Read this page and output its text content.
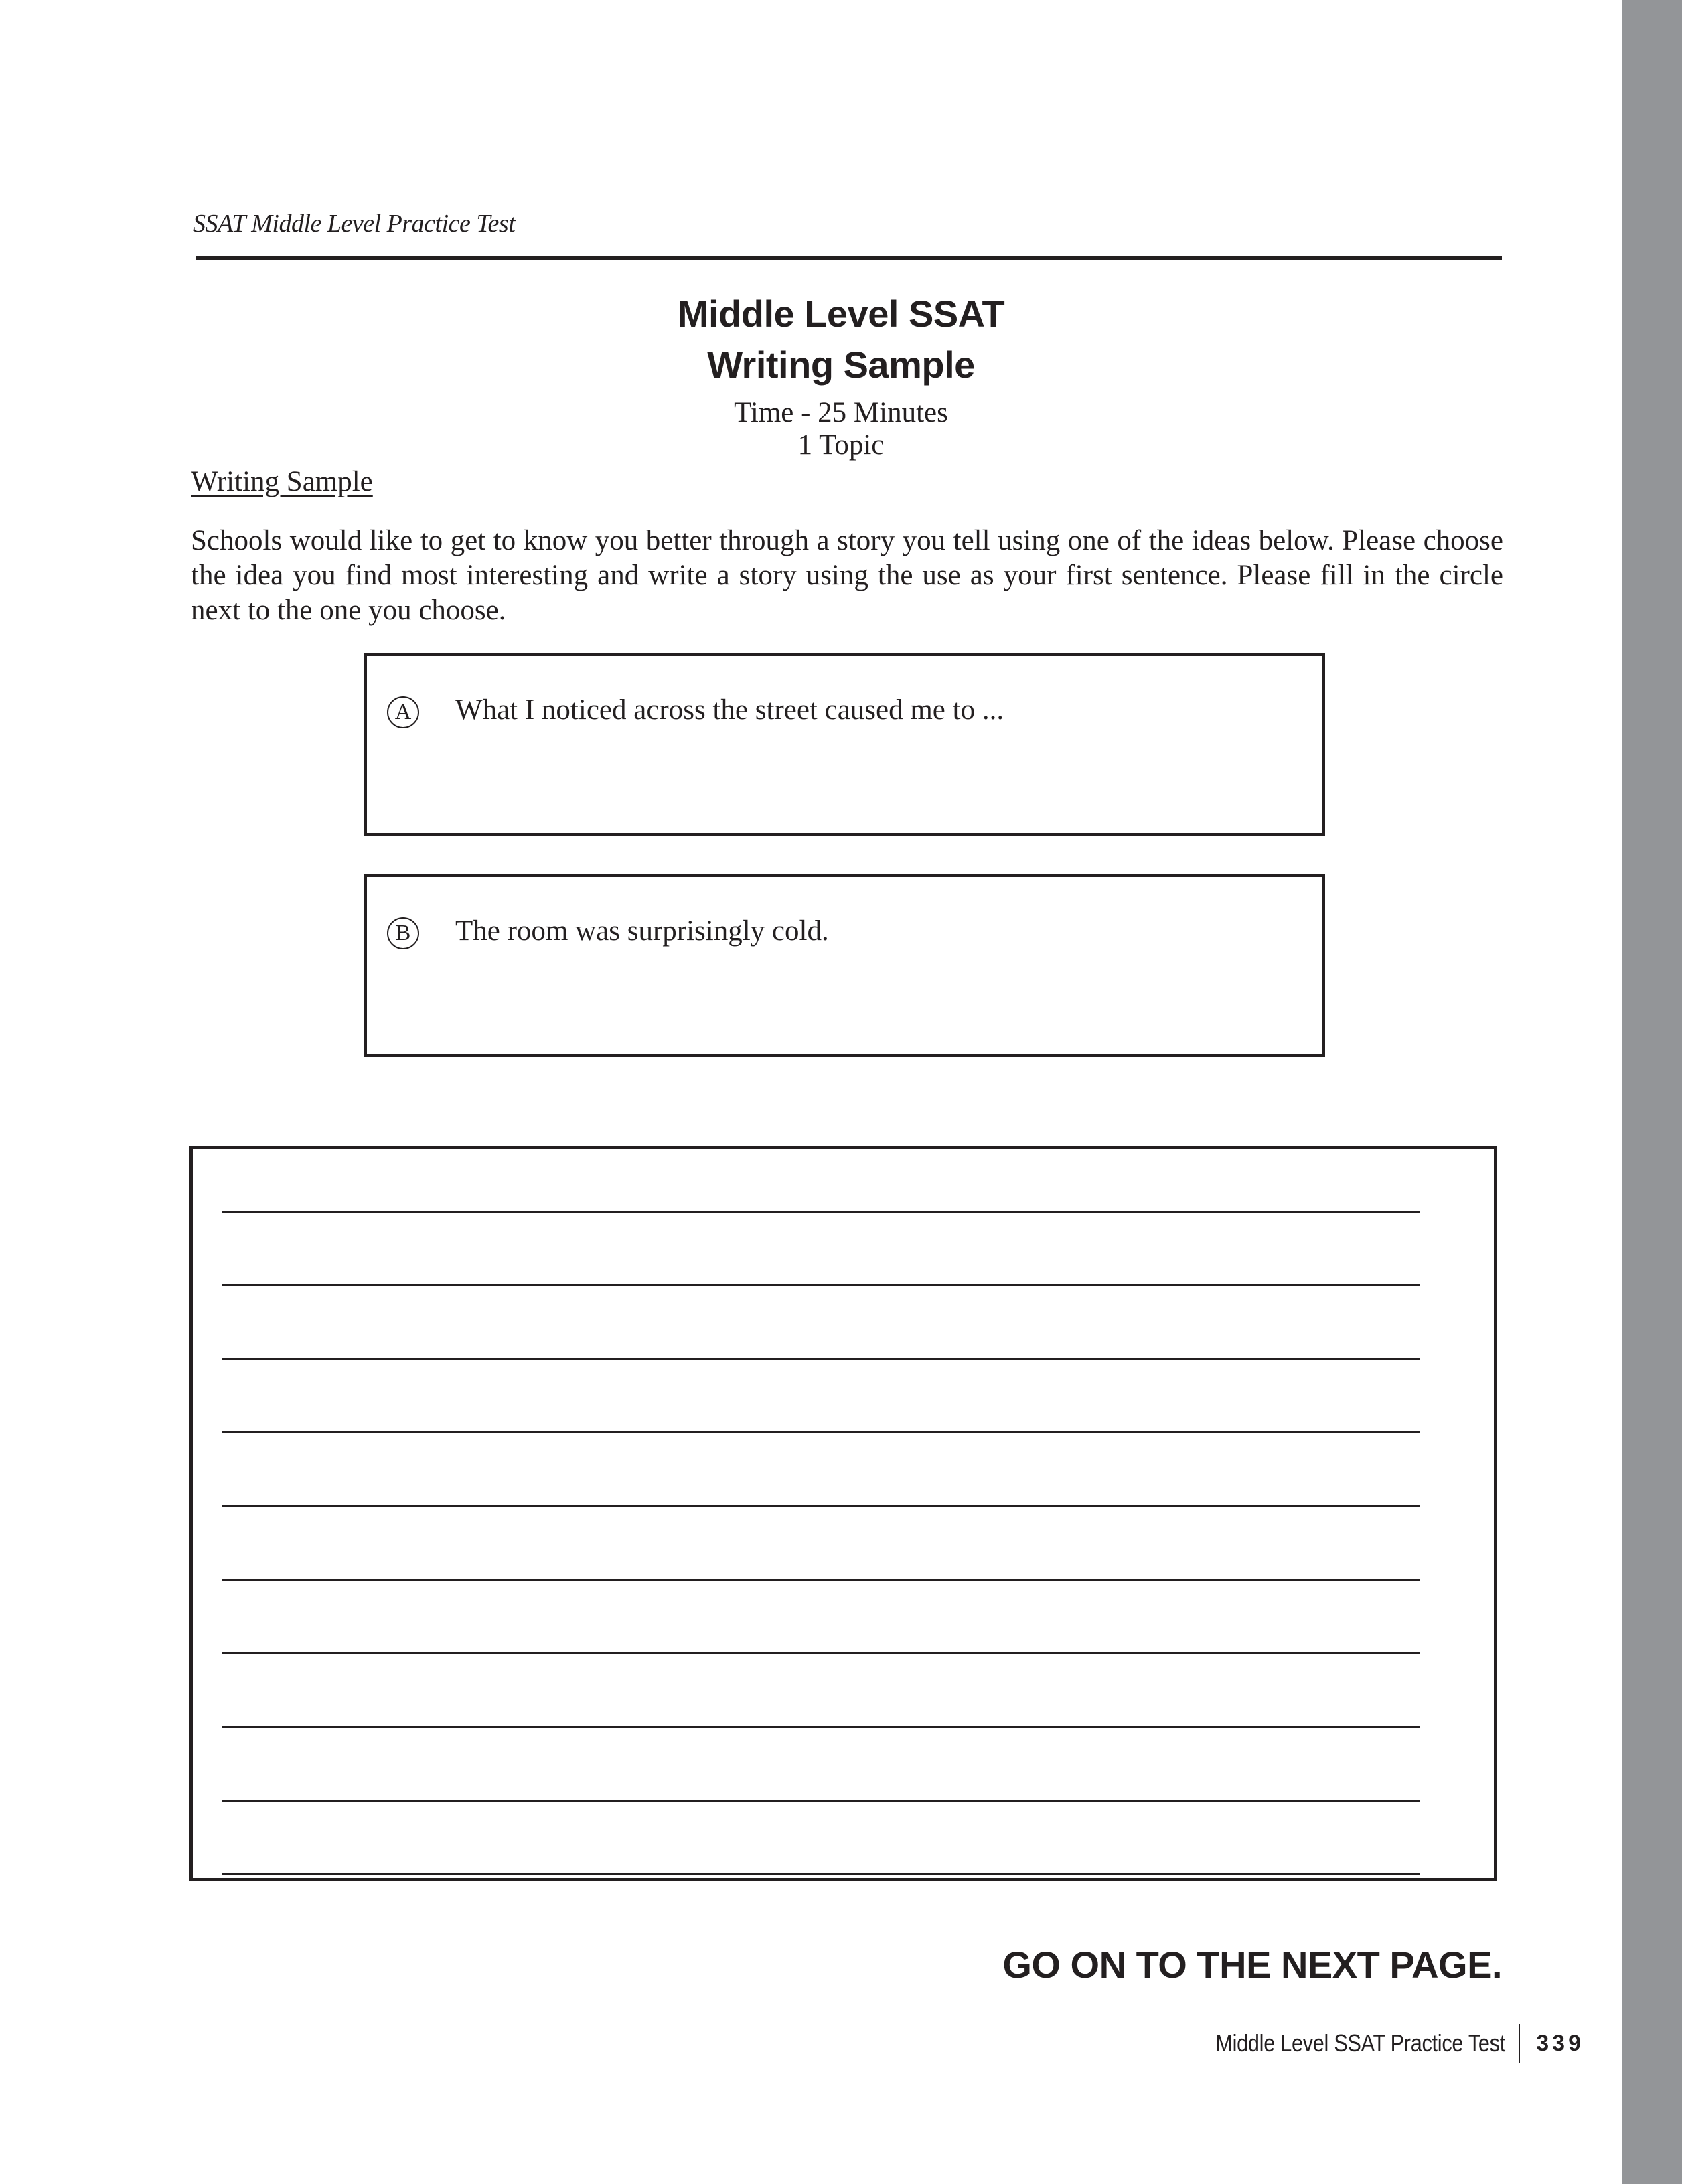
SSAT Middle Level Practice Test
Middle Level SSAT
Writing Sample
Time - 25 Minutes
1 Topic
Writing Sample
Schools would like to get to know you better through a story you tell using one of the ideas below. Please choose the idea you find most interesting and write a story using the use as your first sentence. Please fill in the circle next to the one you choose.
A What I noticed across the street caused me to ...
B The room was surprisingly cold.
GO ON TO THE NEXT PAGE.
Middle Level SSAT Practice Test 339
